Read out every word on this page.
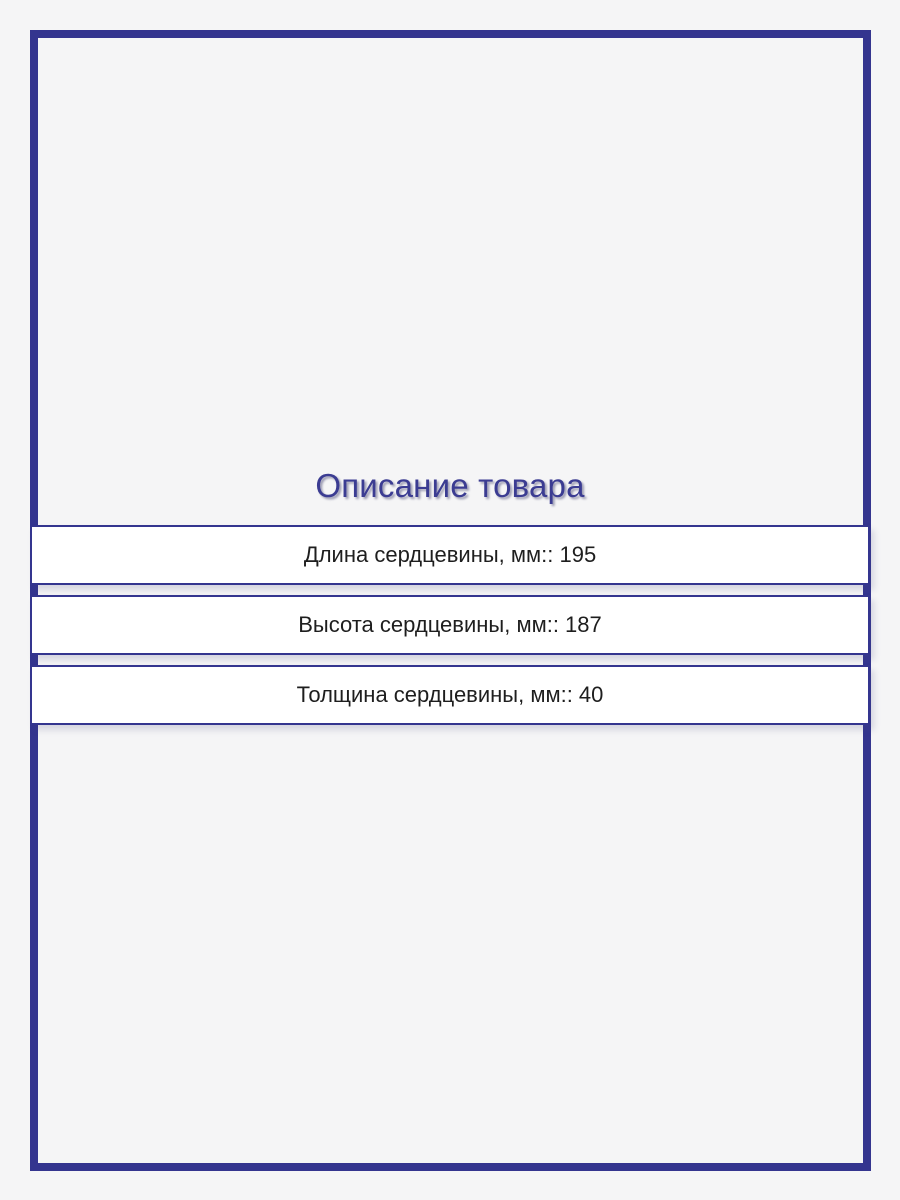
Описание товара
Длина сердцевины, мм:: 195
Высота сердцевины, мм:: 187
Толщина сердцевины, мм:: 40
